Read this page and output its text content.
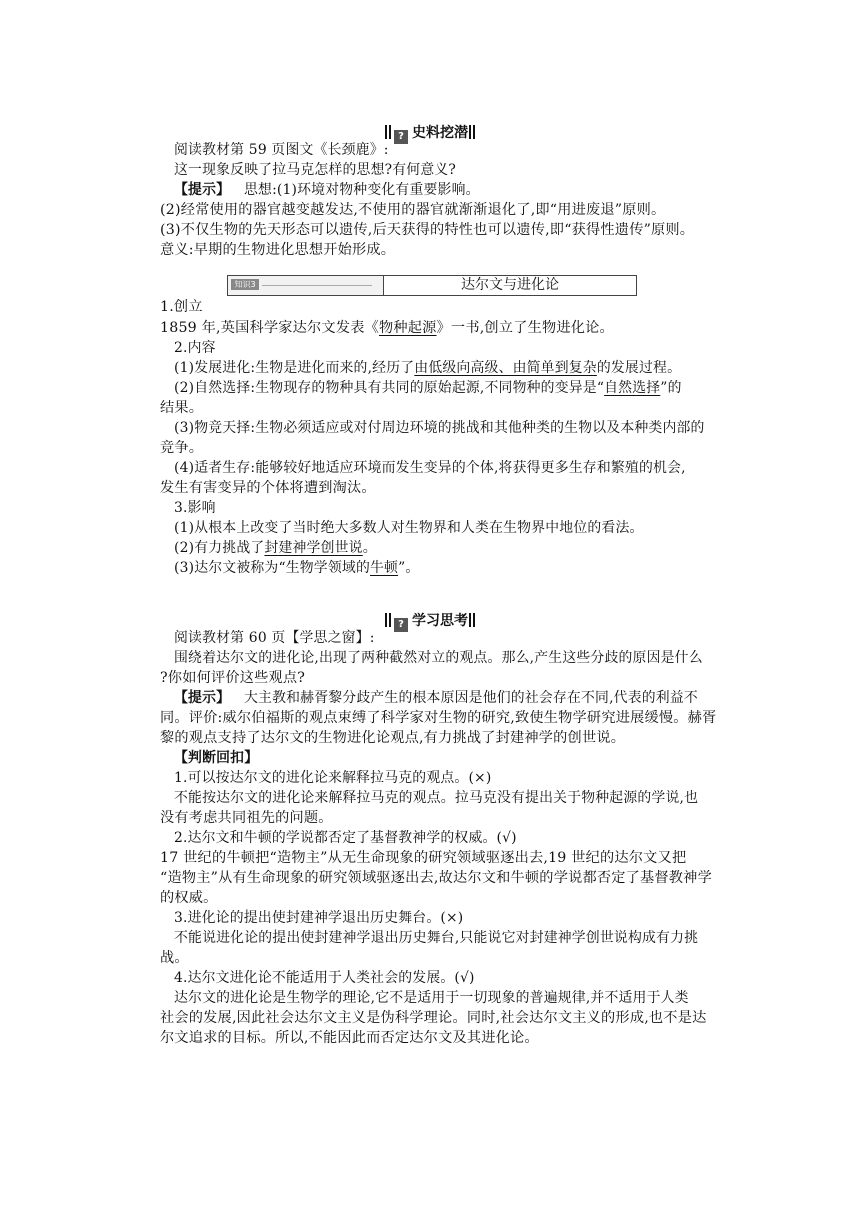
? 史料挖潜
阅读教材第 59 页图文《长颈鹿》:
这一现象反映了拉马克怎样的思想?有何意义?
【提示】 思想:(1)环境对物种变化有重要影响。
(2)经常使用的器官越变越发达,不使用的器官就渐渐退化了,即“用进废退”原则。
(3)不仅生物的先天形态可以遗传,后天获得的特性也可以遗传,即“获得性遗传”原则。
意义:早期的生物进化思想开始形成。
知识3	达尔文与进化论
1.创立
1859 年,英国科学家达尔文发表《物种起源》一书,创立了生物进化论。
2.内容
(1)发展进化:生物是进化而来的,经历了由低级向高级、由简单到复杂的发展过程。
(2)自然选择:生物现存的物种具有共同的原始起源,不同物种的变异是“自然选择”的
结果。
(3)物竞天择:生物必须适应或对付周边环境的挑战和其他种类的生物以及本种类内部的
竞争。
(4)适者生存:能够较好地适应环境而发生变异的个体,将获得更多生存和繁殖的机会,
发生有害变异的个体将遭到淘汰。
3.影响
(1)从根本上改变了当时绝大多数人对生物界和人类在生物界中地位的看法。
(2)有力挑战了封建神学创世说。
(3)达尔文被称为“生物学领域的牛顿”。
? 学习思考
阅读教材第 60 页【学思之窗】:
围绕着达尔文的进化论,出现了两种截然对立的观点。那么,产生这些分歧的原因是什么
?你如何评价这些观点?
【提示】 大主教和赫胥黎分歧产生的根本原因是他们的社会存在不同,代表的利益不
同。评价:威尔伯福斯的观点束缚了科学家对生物的研究,致使生物学研究进展缓慢。赫胥
黎的观点支持了达尔文的生物进化论观点,有力挑战了封建神学的创世说。
【判断回扣】
1.可以按达尔文的进化论来解释拉马克的观点。(×)
不能按达尔文的进化论来解释拉马克的观点。拉马克没有提出关于物种起源的学说,也
没有考虑共同祖先的问题。
2.达尔文和牛顿的学说都否定了基督教神学的权威。(√)
17 世纪的牛顿把“造物主”从无生命现象的研究领域驱逐出去,19 世纪的达尔文又把
“造物主”从有生命现象的研究领域驱逐出去,故达尔文和牛顿的学说都否定了基督教神学
的权威。
3.进化论的提出使封建神学退出历史舞台。(×)
不能说进化论的提出使封建神学退出历史舞台,只能说它对封建神学创世说构成有力挑
战。
4.达尔文进化论不能适用于人类社会的发展。(√)
达尔文的进化论是生物学的理论,它不是适用于一切现象的普遍规律,并不适用于人类
社会的发展,因此社会达尔文主义是伪科学理论。同时,社会达尔文主义的形成,也不是达
尔文追求的目标。所以,不能因此而否定达尔文及其进化论。
